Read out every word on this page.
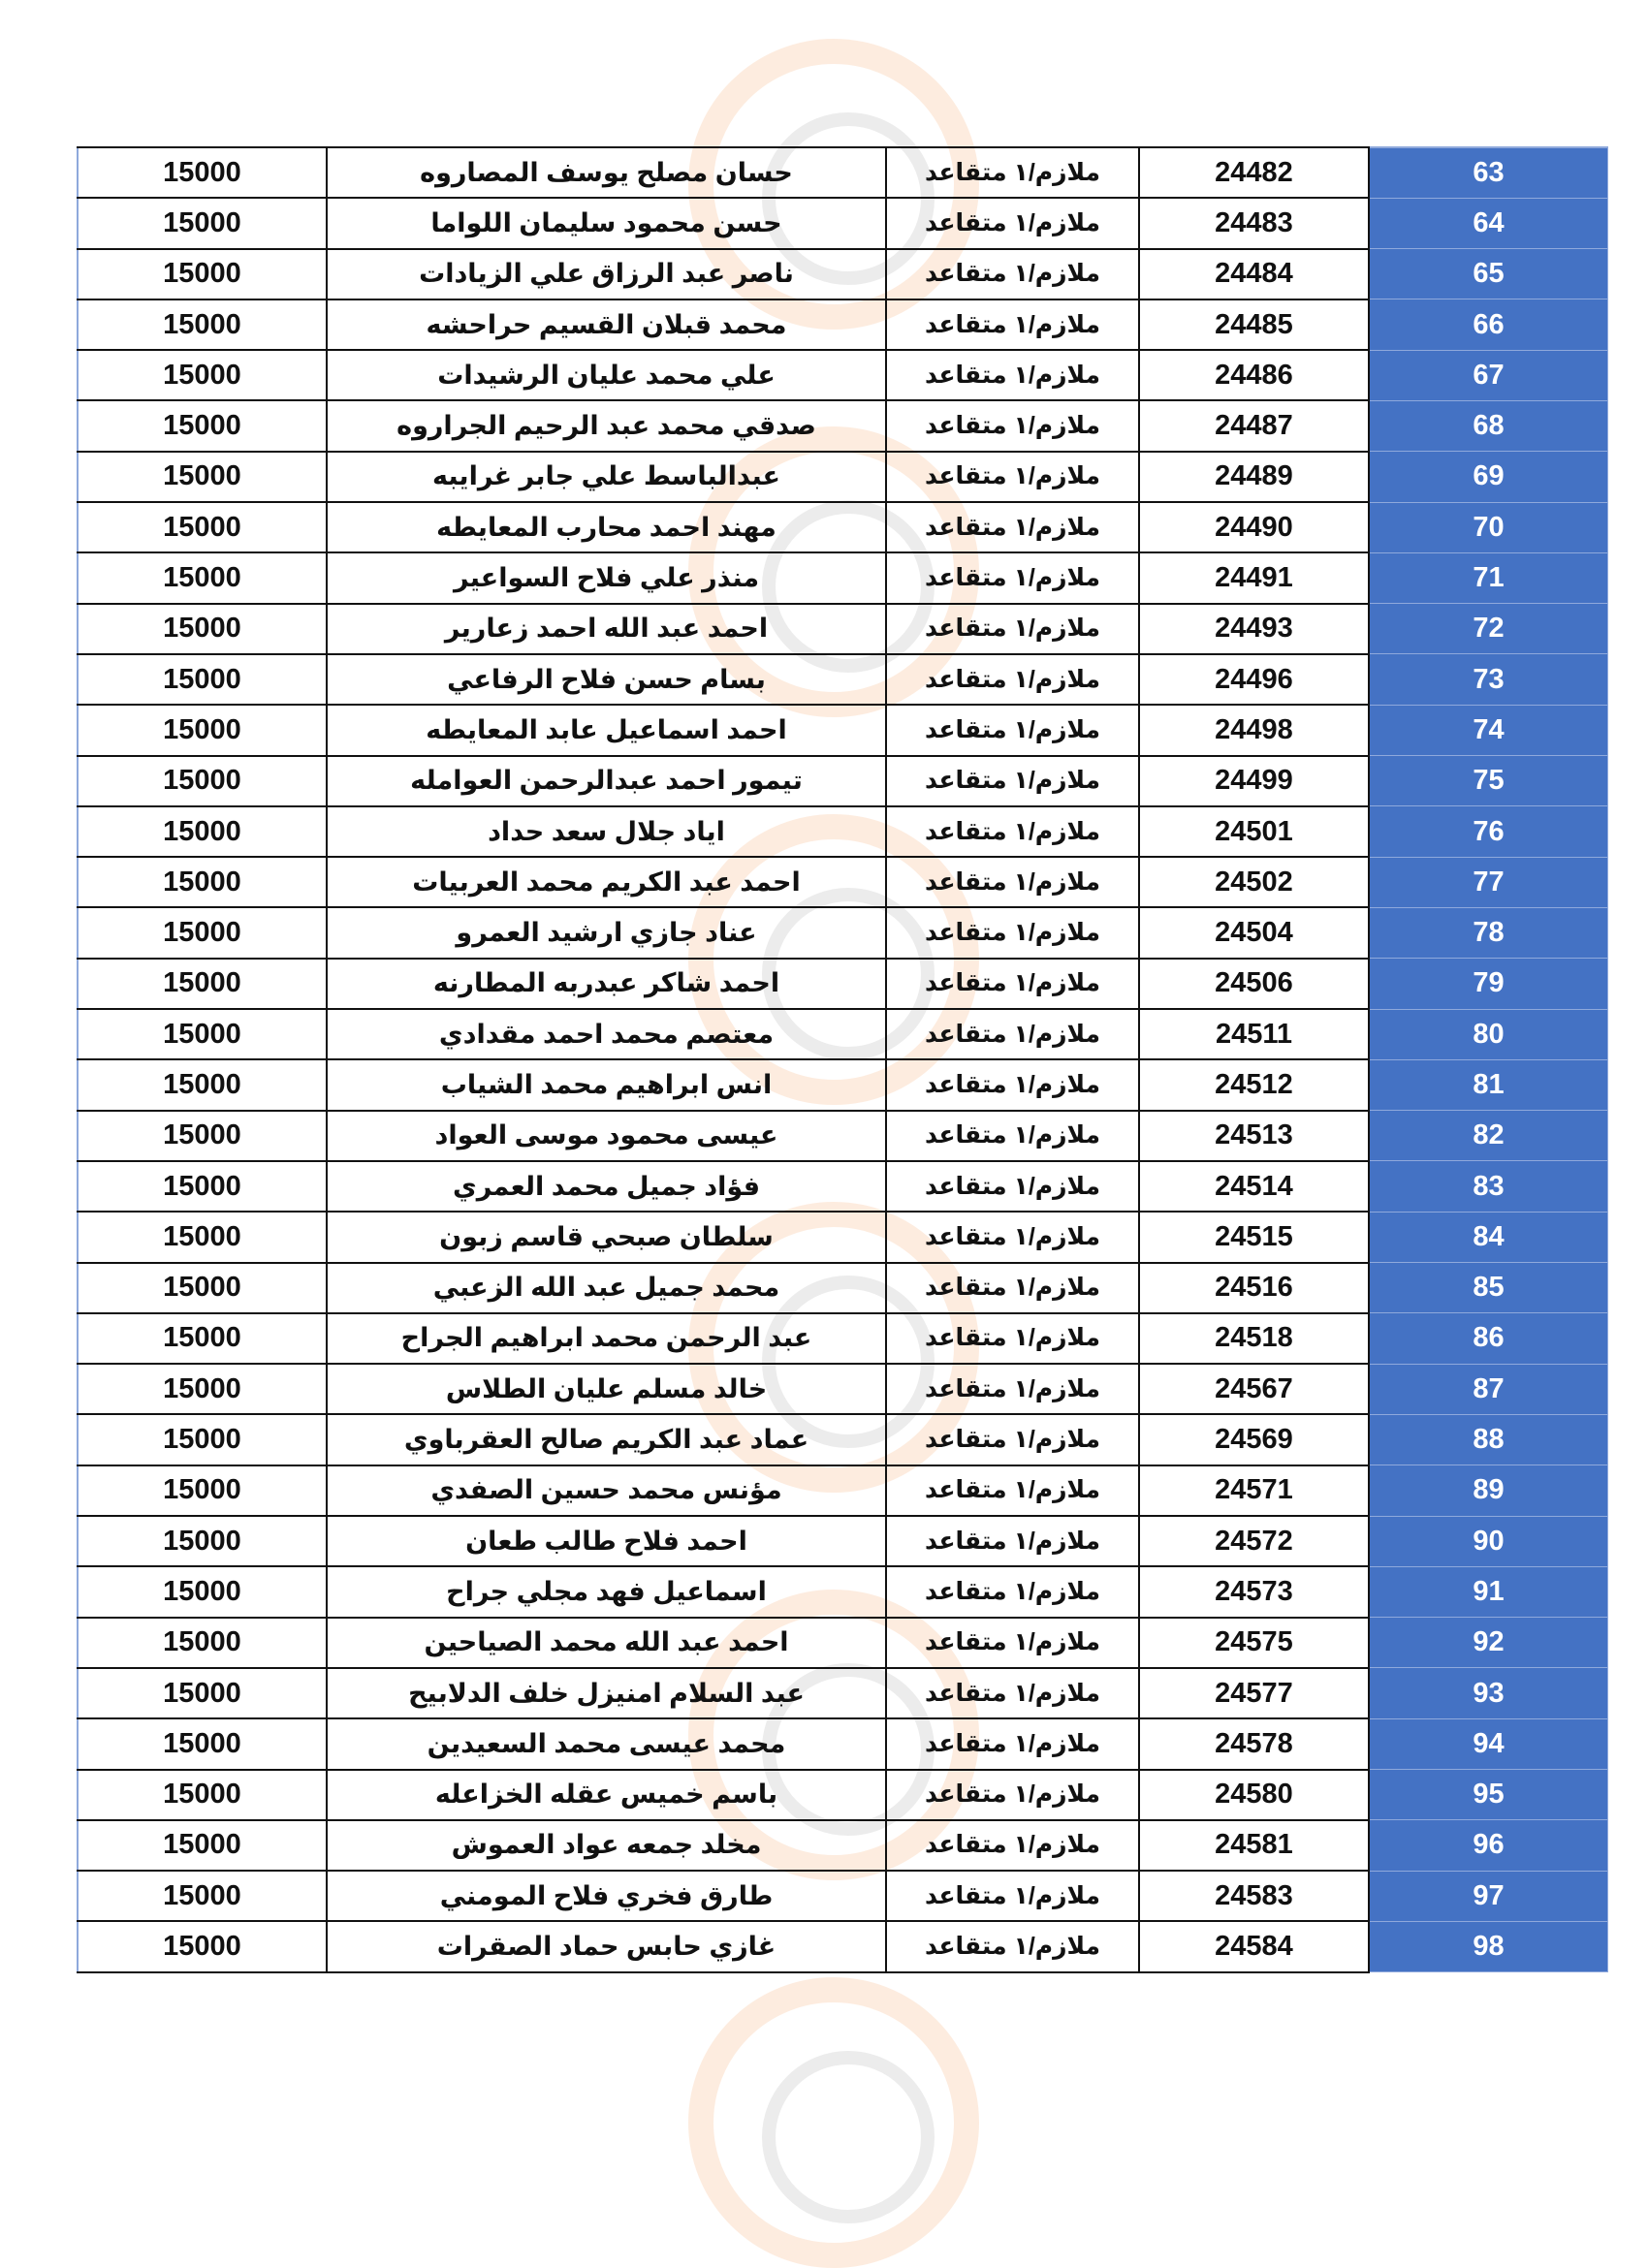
15000	حسان مصلح يوسف المصاروه	ملازم/١ متقاعد	24482	63
15000	حسن محمود سليمان اللواما	ملازم/١ متقاعد	24483	64
15000	ناصر عبد الرزاق علي الزيادات	ملازم/١ متقاعد	24484	65
15000	محمد قبلان القسيم حراحشه	ملازم/١ متقاعد	24485	66
15000	علي محمد عليان الرشيدات	ملازم/١ متقاعد	24486	67
15000	صدقي محمد عبد الرحيم الجراروه	ملازم/١ متقاعد	24487	68
15000	عبدالباسط علي جابر غرايبه	ملازم/١ متقاعد	24489	69
15000	مهند احمد محارب المعايطه	ملازم/١ متقاعد	24490	70
15000	منذر علي فلاح السواعير	ملازم/١ متقاعد	24491	71
15000	احمد عبد الله احمد زعارير	ملازم/١ متقاعد	24493	72
15000	بسام حسن فلاح الرفاعي	ملازم/١ متقاعد	24496	73
15000	احمد اسماعيل عابد المعايطه	ملازم/١ متقاعد	24498	74
15000	تيمور احمد عبدالرحمن العوامله	ملازم/١ متقاعد	24499	75
15000	اياد جلال سعد حداد	ملازم/١ متقاعد	24501	76
15000	احمد عبد الكريم محمد العربيات	ملازم/١ متقاعد	24502	77
15000	عناد جازي ارشيد العمرو	ملازم/١ متقاعد	24504	78
15000	احمد شاكر عبدربه المطارنه	ملازم/١ متقاعد	24506	79
15000	معتصم محمد احمد مقدادي	ملازم/١ متقاعد	24511	80
15000	انس ابراهيم محمد الشياب	ملازم/١ متقاعد	24512	81
15000	عيسى محمود موسى العواد	ملازم/١ متقاعد	24513	82
15000	فؤاد جميل محمد العمري	ملازم/١ متقاعد	24514	83
15000	سلطان صبحي قاسم زبون	ملازم/١ متقاعد	24515	84
15000	محمد جميل عبد الله الزعبي	ملازم/١ متقاعد	24516	85
15000	عبد الرحمن محمد ابراهيم الجراح	ملازم/١ متقاعد	24518	86
15000	خالد مسلم عليان الطلاس	ملازم/١ متقاعد	24567	87
15000	عماد عبد الكريم صالح العقرباوي	ملازم/١ متقاعد	24569	88
15000	مؤنس محمد حسين الصفدي	ملازم/١ متقاعد	24571	89
15000	احمد فلاح طالب طعان	ملازم/١ متقاعد	24572	90
15000	اسماعيل فهد مجلي جراح	ملازم/١ متقاعد	24573	91
15000	احمد عبد الله محمد الصياحين	ملازم/١ متقاعد	24575	92
15000	عبد السلام امنيزل خلف الدلابيح	ملازم/١ متقاعد	24577	93
15000	محمد عيسى محمد السعيدين	ملازم/١ متقاعد	24578	94
15000	باسم خميس عقله الخزاعله	ملازم/١ متقاعد	24580	95
15000	مخلد جمعه عواد العموش	ملازم/١ متقاعد	24581	96
15000	طارق فخري فلاح المومني	ملازم/١ متقاعد	24583	97
15000	غازي حابس حماد الصقرات	ملازم/١ متقاعد	24584	98
